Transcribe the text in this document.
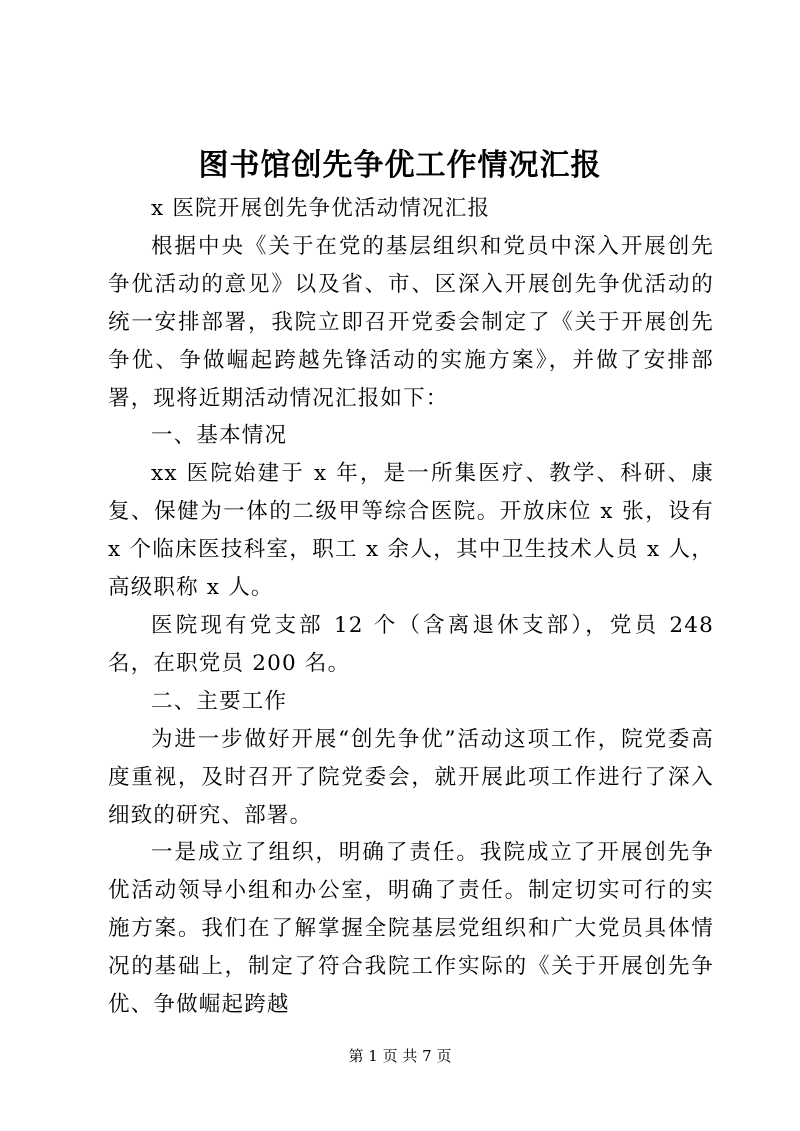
图书馆创先争优工作情况汇报

x 医院开展创先争优活动情况汇报

根据中央《关于在党的基层组织和党员中深入开展创先争优活动的意见》以及省、市、区深入开展创先争优活动的统一安排部署，我院立即召开党委会制定了《关于开展创先争优、争做崛起跨越先锋活动的实施方案》，并做了安排部署，现将近期活动情况汇报如下：

一、基本情况

xx 医院始建于 x 年，是一所集医疗、教学、科研、康复、保健为一体的二级甲等综合医院。开放床位 x 张，设有 x 个临床医技科室，职工 x 余人，其中卫生技术人员 x 人，高级职称 x 人。

医院现有党支部 12 个（含离退休支部），党员 248 名，在职党员 200 名。

二、主要工作

为进一步做好开展“创先争优”活动这项工作，院党委高度重视，及时召开了院党委会，就开展此项工作进行了深入细致的研究、部署。

一是成立了组织，明确了责任。我院成立了开展创先争优活动领导小组和办公室，明确了责任。制定切实可行的实施方案。我们在了解掌握全院基层党组织和广大党员具体情况的基础上，制定了符合我院工作实际的《关于开展创先争优、争做崛起跨越

第 1 页 共 7 页
